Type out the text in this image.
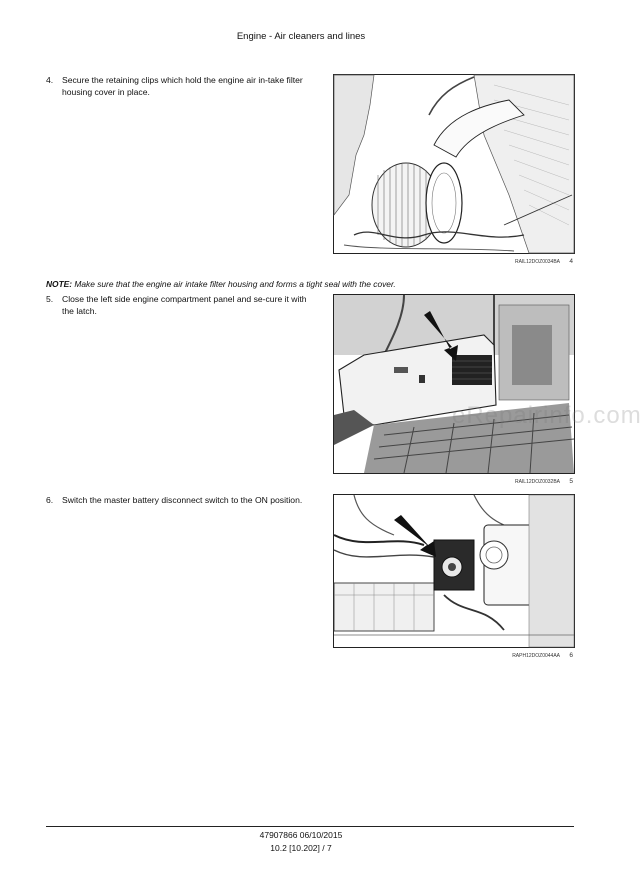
Engine - Air cleaners and lines
4. Secure the retaining clips which hold the engine air in-take filter housing cover in place.
RAIL12DOZ0034BA 4
NOTE: Make sure that the engine air intake filter housing and forms a tight seal with the cover.
5. Close the left side engine compartment panel and se-cure it with the latch.
eRepairinfo.com
RAIL12DOZ0032BA 5
6. Switch the master battery disconnect switch to the ON position.
RAPH12DOZ0044AA 6
47907866 06/10/2015
10.2 [10.202] / 7
